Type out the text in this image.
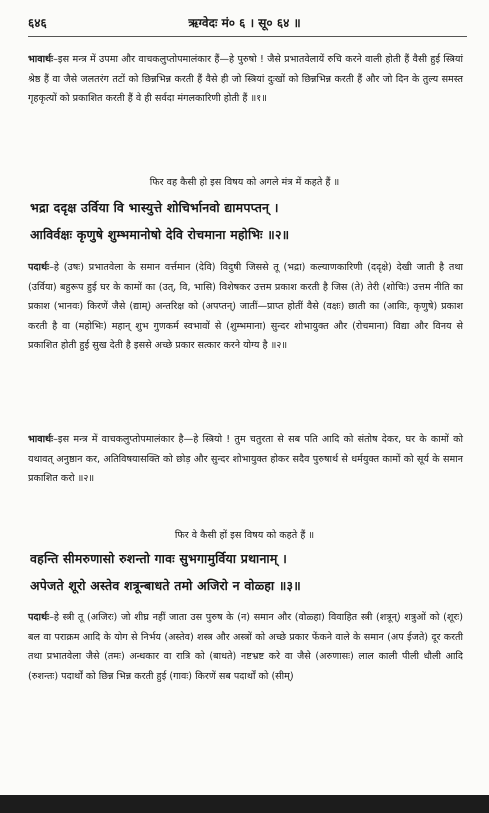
६४६	ऋग्वेदः मं० ६ । सू० ६४ ॥
भावार्थः–इस मन्त्र में उपमा और वाचकलुप्तोपमालंकार हैं—हे पुरुषो ! जैसे प्रभातवेलायें रुचि करने वाली होती हैं वैसी हुई स्त्रियां श्रेष्ठ हैं वा जैसे जलतरंग तटों को छिन्नभिन्न करती हैं वैसे ही जो स्त्रियां दुःखों को छिन्नभिन्न करती हैं और जो दिन के तुल्य समस्त गृहकृत्यों को प्रकाशित करती हैं वे ही सर्वदा मंगलकारिणी होती हैं ॥१॥
फिर वह कैसी हो इस विषय को अगले मंत्र में कहते हैं ॥
भद्रा ददृक्ष उर्विया वि भास्युत्ते शोचिर्भानवो द्यामपप्तन् ।
आविर्वक्षः कृणुषे शुम्भमानोषो देवि रोचमाना महोभिः ॥२॥
पदार्थः–हे (उषः) प्रभातवेला के समान वर्त्तमान (देवि) विदुषी जिससे तू (भद्रा) कल्याणकारिणी (ददृक्षे) देखी जाती है तथा (उर्विया) बहुरूप हुई घर के कामों का (उत्, वि, भासि) विशेषकर उत्तम प्रकाश करती है जिस (ते) तेरी (शोचिः) उत्तम नीति का प्रकाश (भानवः) किरणें जैसे (द्याम्) अन्तरिक्ष को (अपप्तन्) जातीं—प्राप्त होतीं वैसे (वक्षः) छाती का (आविः, कृणुषे) प्रकाश करती है वा (महोभिः) महान् शुभ गुणकर्म स्वभावों से (शुम्भमाना) सुन्दर शोभायुक्त और (रोचमाना) विद्या और विनय से प्रकाशित होती हुई सुख देती है इससे अच्छे प्रकार सत्कार करने योग्य है ॥२॥
भावार्थः–इस मन्त्र में वाचकलुप्तोपमालंकार है—हे स्त्रियो ! तुम चतुरता से सब पति आदि को संतोष देकर, घर के कामों को यथावत् अनुष्ठान कर, अतिविषयासक्ति को छोड़ और सुन्दर शोभायुक्त होकर सदैव पुरुषार्थ से धर्मयुक्त कामों को सूर्य के समान प्रकाशित करो ॥२॥
फिर वे कैसी हों इस विषय को कहते हैं ॥
वहन्ति सीमरुणासो रुशन्तो गावः सुभगामुर्विया प्रथानाम् ।
अपेजते शूरो अस्तेव शत्रून्बाधते तमो अजिरो न वोळ्हा ॥३॥
पदार्थः–हे स्त्री तू (अजिरः) जो शीघ्र नहीं जाता उस पुरुष के (न) समान और (वोळ्हा) विवाहित स्त्री (शत्रून्) शत्रुओं को (शूरः) बल वा पराक्रम आदि के योग से निर्भय (अस्तेव) शस्त्र और अस्त्रों को अच्छे प्रकार फेंकने वाले के समान (अप ईजते) दूर करती तथा प्रभातवेला जैसे (तमः) अन्धकार वा रात्रि को (बाधते) नष्टभ्रष्ट करे वा जैसे (अरुणासः) लाल काली पीली धौली आदि (रुशन्तः) पदार्थों को छिन्न भिन्न करती हुई (गावः) किरणें सब पदार्थों को (सीम्)
